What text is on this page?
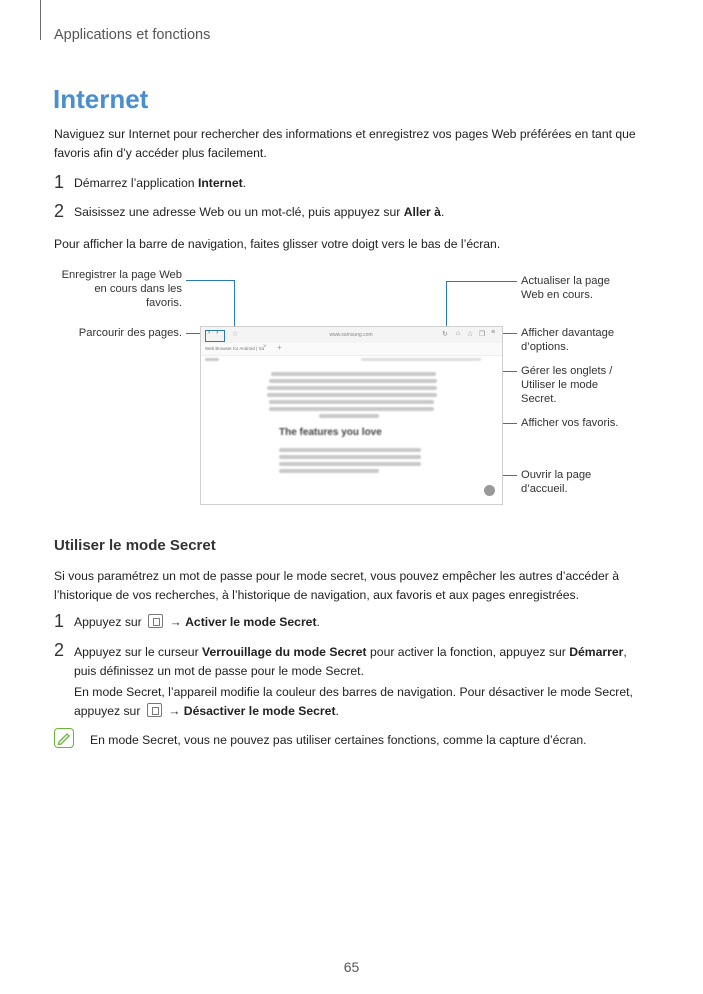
Applications et fonctions
Internet
Naviguez sur Internet pour rechercher des informations et enregistrez vos pages Web préférées en tant que favoris afin d’y accéder plus facilement.
1 Démarrez l’application Internet.
2 Saisissez une adresse Web ou un mot-clé, puis appuyez sur Aller à.
Pour afficher la barre de navigation, faites glisser votre doigt vers le bas de l’écran.
Enregistrer la page Web en cours dans les favoris.
Parcourir des pages.
Actualiser la page Web en cours.
Afficher davantage d’options.
Gérer les onglets / Utiliser le mode Secret.
Afficher vos favoris.
Ouvrir la page d’accueil.
‹ › ☆	www.samsung.com	↻ ⌂ ☆ ❐ ≡
Web Browser for Android | Sa
× +
The features you love
Utiliser le mode Secret
Si vous paramétrez un mot de passe pour le mode secret, vous pouvez empêcher les autres d’accéder à l’historique de vos recherches, à l’historique de navigation, aux favoris et aux pages enregistrées.
1 Appuyez sur → Activer le mode Secret.
2 Appuyez sur le curseur Verrouillage du mode Secret pour activer la fonction, appuyez sur Démarrer, puis définissez un mot de passe pour le mode Secret.
En mode Secret, l’appareil modifie la couleur des barres de navigation. Pour désactiver le mode Secret, appuyez sur → Désactiver le mode Secret.
En mode Secret, vous ne pouvez pas utiliser certaines fonctions, comme la capture d’écran.
65
